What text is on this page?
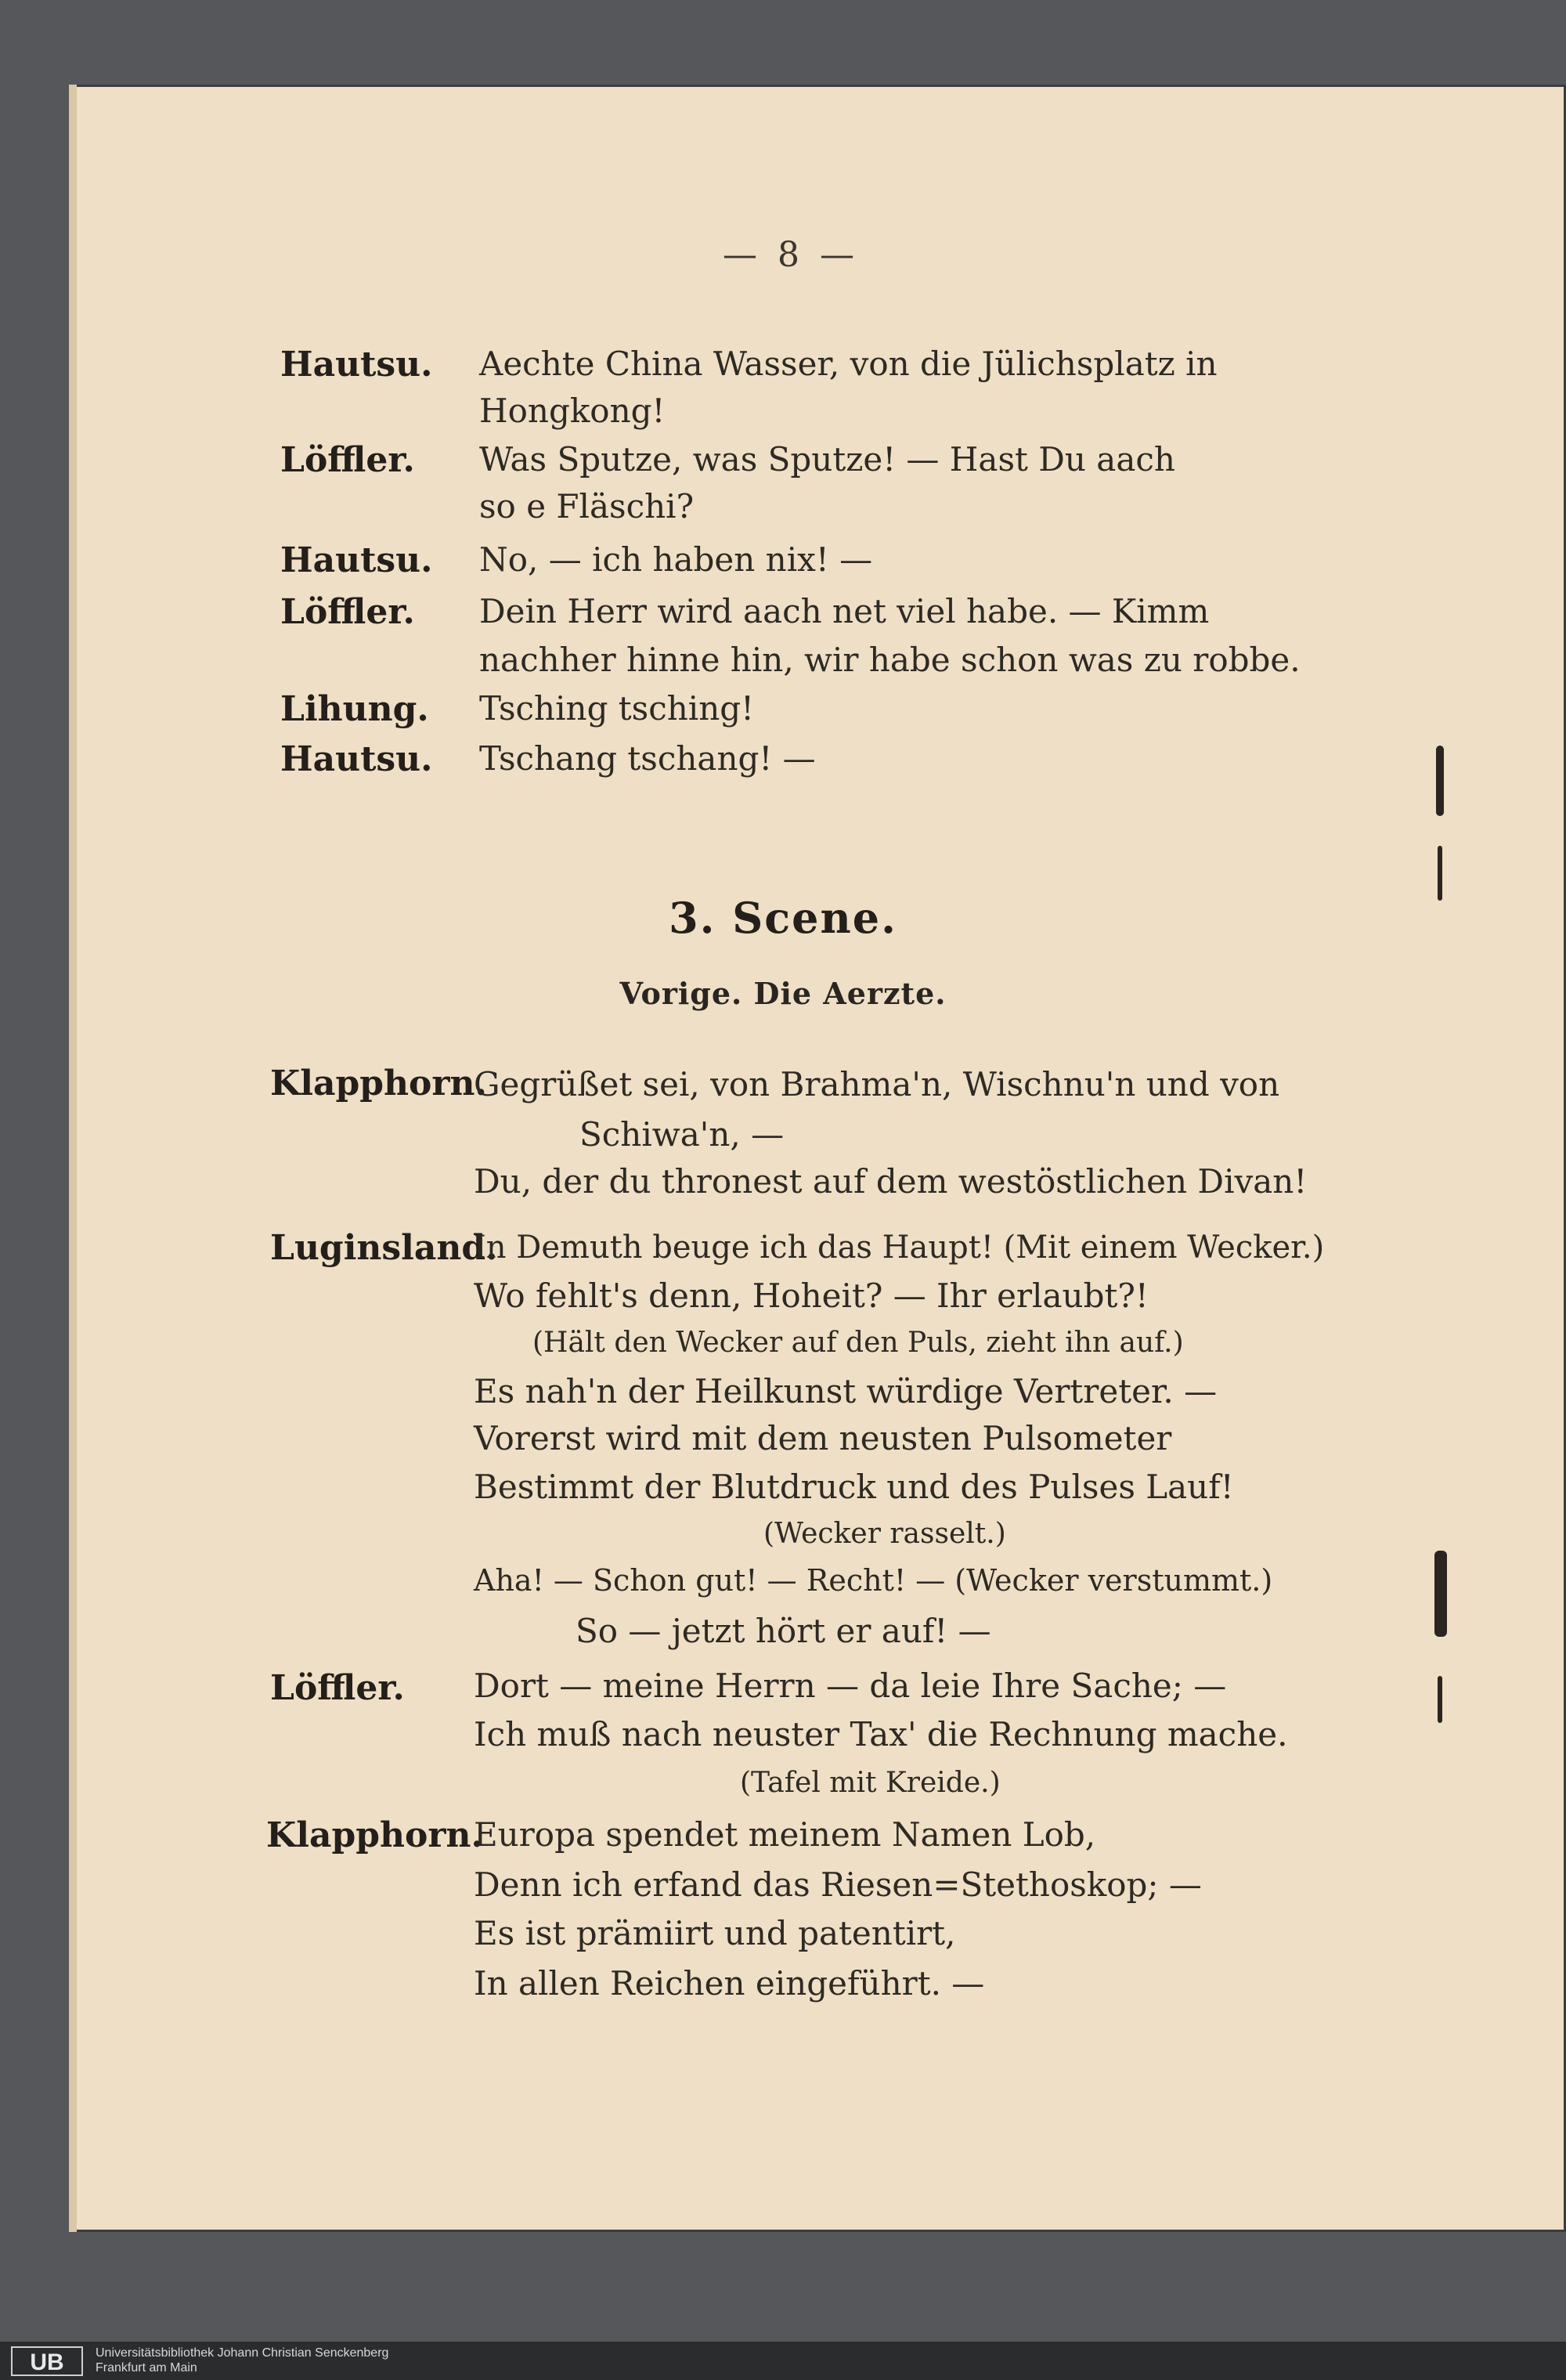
— 8 —
Hautsu. Aechte China Wasser, von die Jülichsplatz in
Hongkong!
Löffler. Was Sputze, was Sputze! — Hast Du aach
so e Fläschi?
Hautsu. No, — ich haben nix! —
Löffler. Dein Herr wird aach net viel habe. — Kimm
nachher hinne hin, wir habe schon was zu robbe.
Lihung. Tsching tsching!
Hautsu. Tschang tschang! —
3. Scene.
Vorige. Die Aerzte.
Klapphorn.
Gegrüßet sei, von Brahma'n, Wischnu'n und von
Schiwa'n, —
Du, der du thronest auf dem westöstlichen Divan!
Luginsland.
In Demuth beuge ich das Haupt! (Mit einem Wecker.)
Wo fehlt's denn, Hoheit? — Ihr erlaubt?!
(Hält den Wecker auf den Puls, zieht ihn auf.)
Es nah'n der Heilkunst würdige Vertreter. —
Vorerst wird mit dem neusten Pulsometer
Bestimmt der Blutdruck und des Pulses Lauf!
(Wecker rasselt.)
Aha! — Schon gut! — Recht! — (Wecker verstummt.)
So — jetzt hört er auf! —
Löffler. Dort — meine Herrn — da leie Ihre Sache; —
Ich muß nach neuster Tax' die Rechnung mache.
(Tafel mit Kreide.)
Klapphorn.
Europa spendet meinem Namen Lob,
Denn ich erfand das Riesen=Stethoskop; —
Es ist prämiirt und patentirt,
In allen Reichen eingeführt. —
UB	Universitätsbibliothek Johann Christian Senckenberg
Frankfurt am Main
